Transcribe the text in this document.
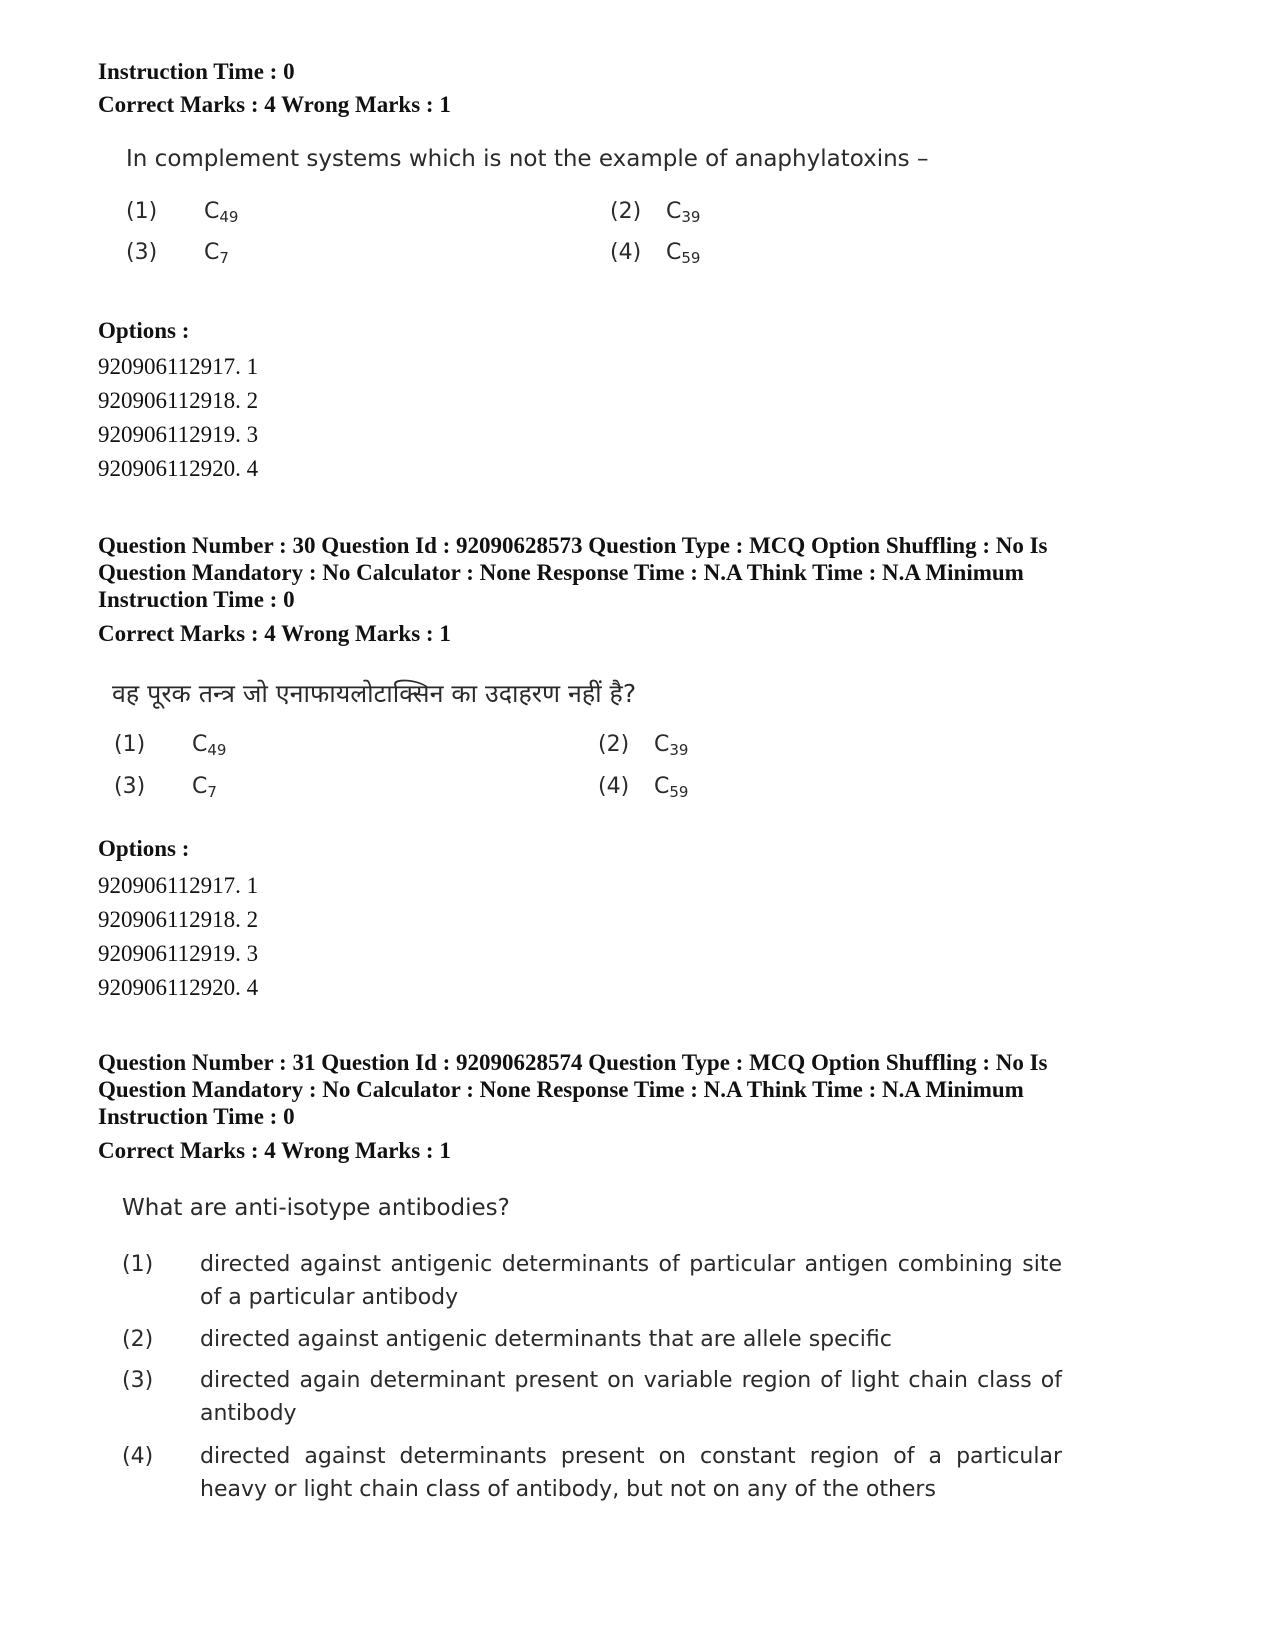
Instruction Time : 0
Correct Marks : 4 Wrong Marks : 1
In complement systems which is not the example of anaphylatoxins –
(1) $C_{49}$	(2) $C_{39}$
(3) $C_7$	(4) $C_{59}$
Options :
920906112917. 1
920906112918. 2
920906112919. 3
920906112920. 4
Question Number : 30 Question Id : 92090628573 Question Type : MCQ Option Shuffling : No Is
Question Mandatory : No Calculator : None Response Time : N.A Think Time : N.A Minimum
Instruction Time : 0
Correct Marks : 4 Wrong Marks : 1
वह पूरक तन्त्र जो एनाफायलोटाक्सिन का उदाहरण नहीं है?
(1) $C_{49}$	(2) $C_{39}$
(3) $C_7$	(4) $C_{59}$
Options :
920906112917. 1
920906112918. 2
920906112919. 3
920906112920. 4
Question Number : 31 Question Id : 92090628574 Question Type : MCQ Option Shuffling : No Is
Question Mandatory : No Calculator : None Response Time : N.A Think Time : N.A Minimum
Instruction Time : 0
Correct Marks : 4 Wrong Marks : 1
What are anti-isotype antibodies?
(1) directed against antigenic determinants of particular antigen combining site of a particular antibody
(2) directed against antigenic determinants that are allele specific
(3) directed again determinant present on variable region of light chain class of antibody
(4) directed against determinants present on constant region of a particular heavy or light chain class of antibody, but not on any of the others
